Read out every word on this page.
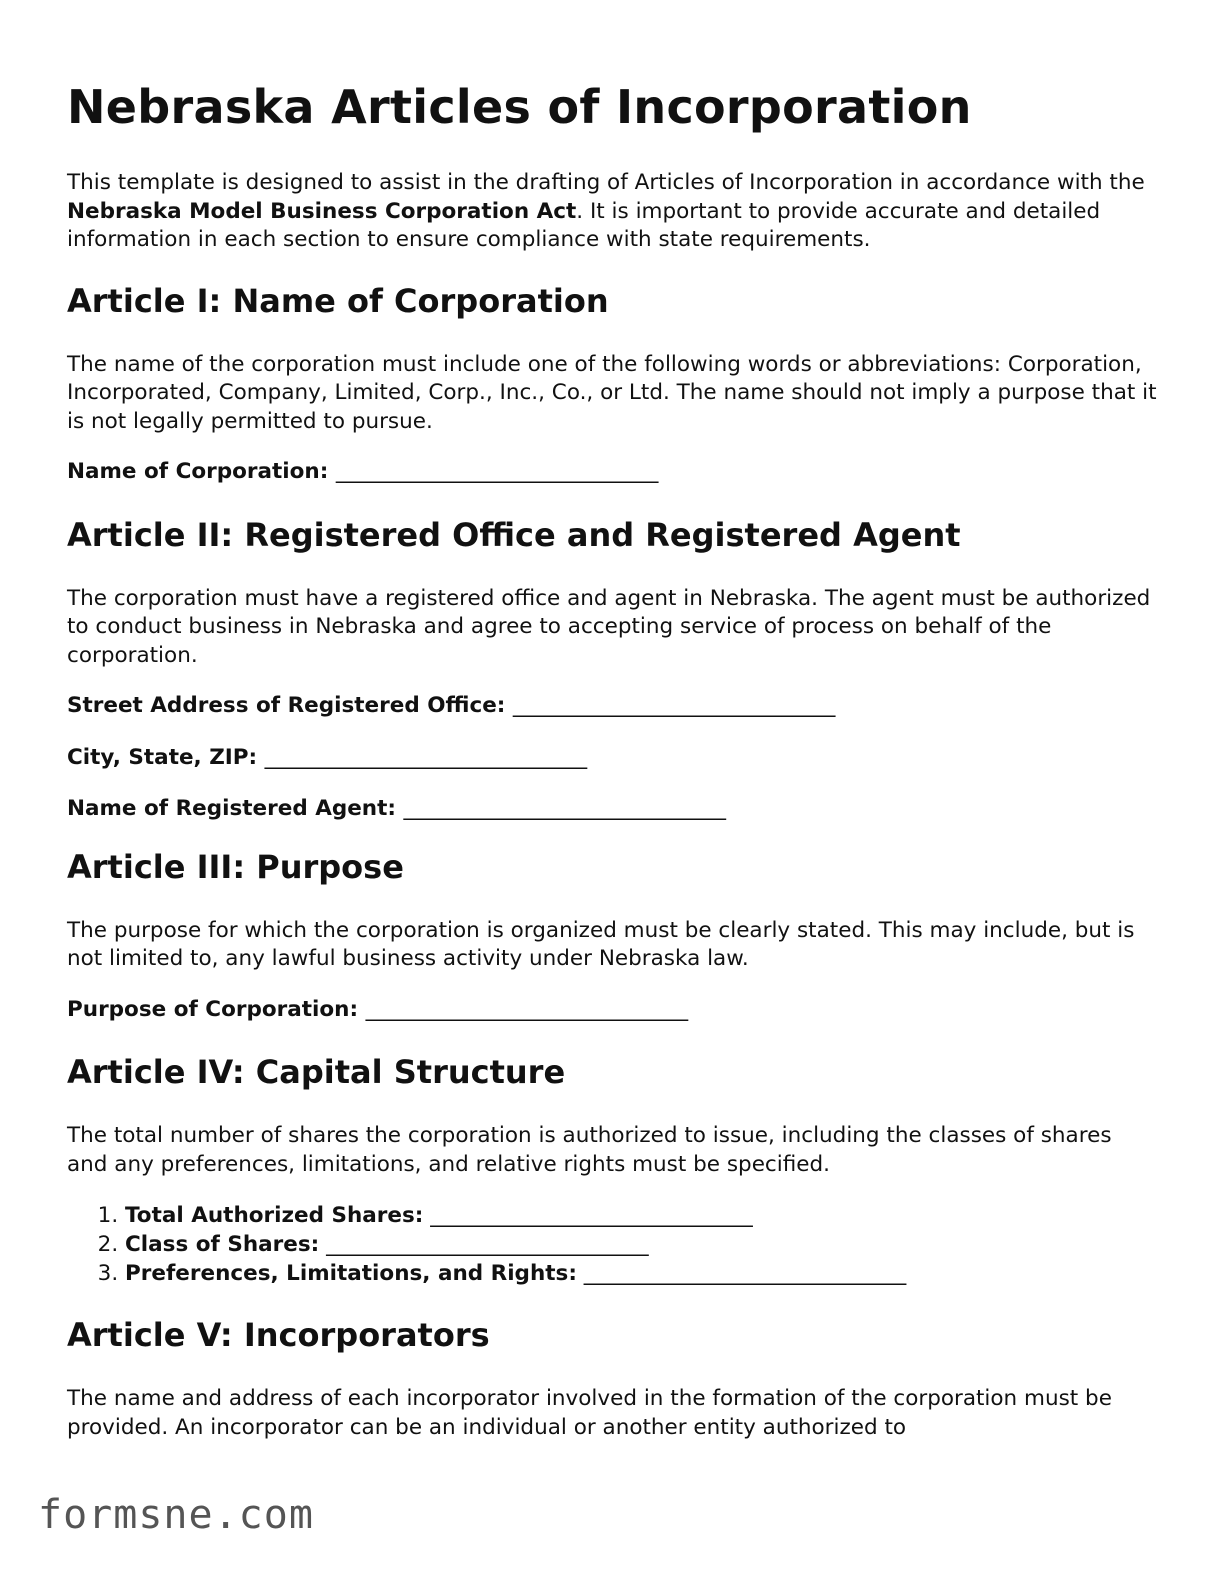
Nebraska Articles of Incorporation

This template is designed to assist in the drafting of Articles of Incorporation in accordance with the Nebraska Model Business Corporation Act. It is important to provide accurate and detailed information in each section to ensure compliance with state requirements.

Article I: Name of Corporation

The name of the corporation must include one of the following words or abbreviations: Corporation, Incorporated, Company, Limited, Corp., Inc., Co., or Ltd. The name should not imply a purpose that it is not legally permitted to pursue.

Name of Corporation: ______________________________

Article II: Registered Office and Registered Agent

The corporation must have a registered office and agent in Nebraska. The agent must be authorized to conduct business in Nebraska and agree to accepting service of process on behalf of the corporation.

Street Address of Registered Office: ______________________________

City, State, ZIP: ______________________________

Name of Registered Agent: ______________________________

Article III: Purpose

The purpose for which the corporation is organized must be clearly stated. This may include, but is not limited to, any lawful business activity under Nebraska law.

Purpose of Corporation: ______________________________

Article IV: Capital Structure

The total number of shares the corporation is authorized to issue, including the classes of shares and any preferences, limitations, and relative rights must be specified.

1. Total Authorized Shares: ______________________________
2. Class of Shares: ______________________________
3. Preferences, Limitations, and Rights: ______________________________
Article V: Incorporators

The name and address of each incorporator involved in the formation of the corporation must be provided. An incorporator can be an individual or another entity authorized to

formsne.com
